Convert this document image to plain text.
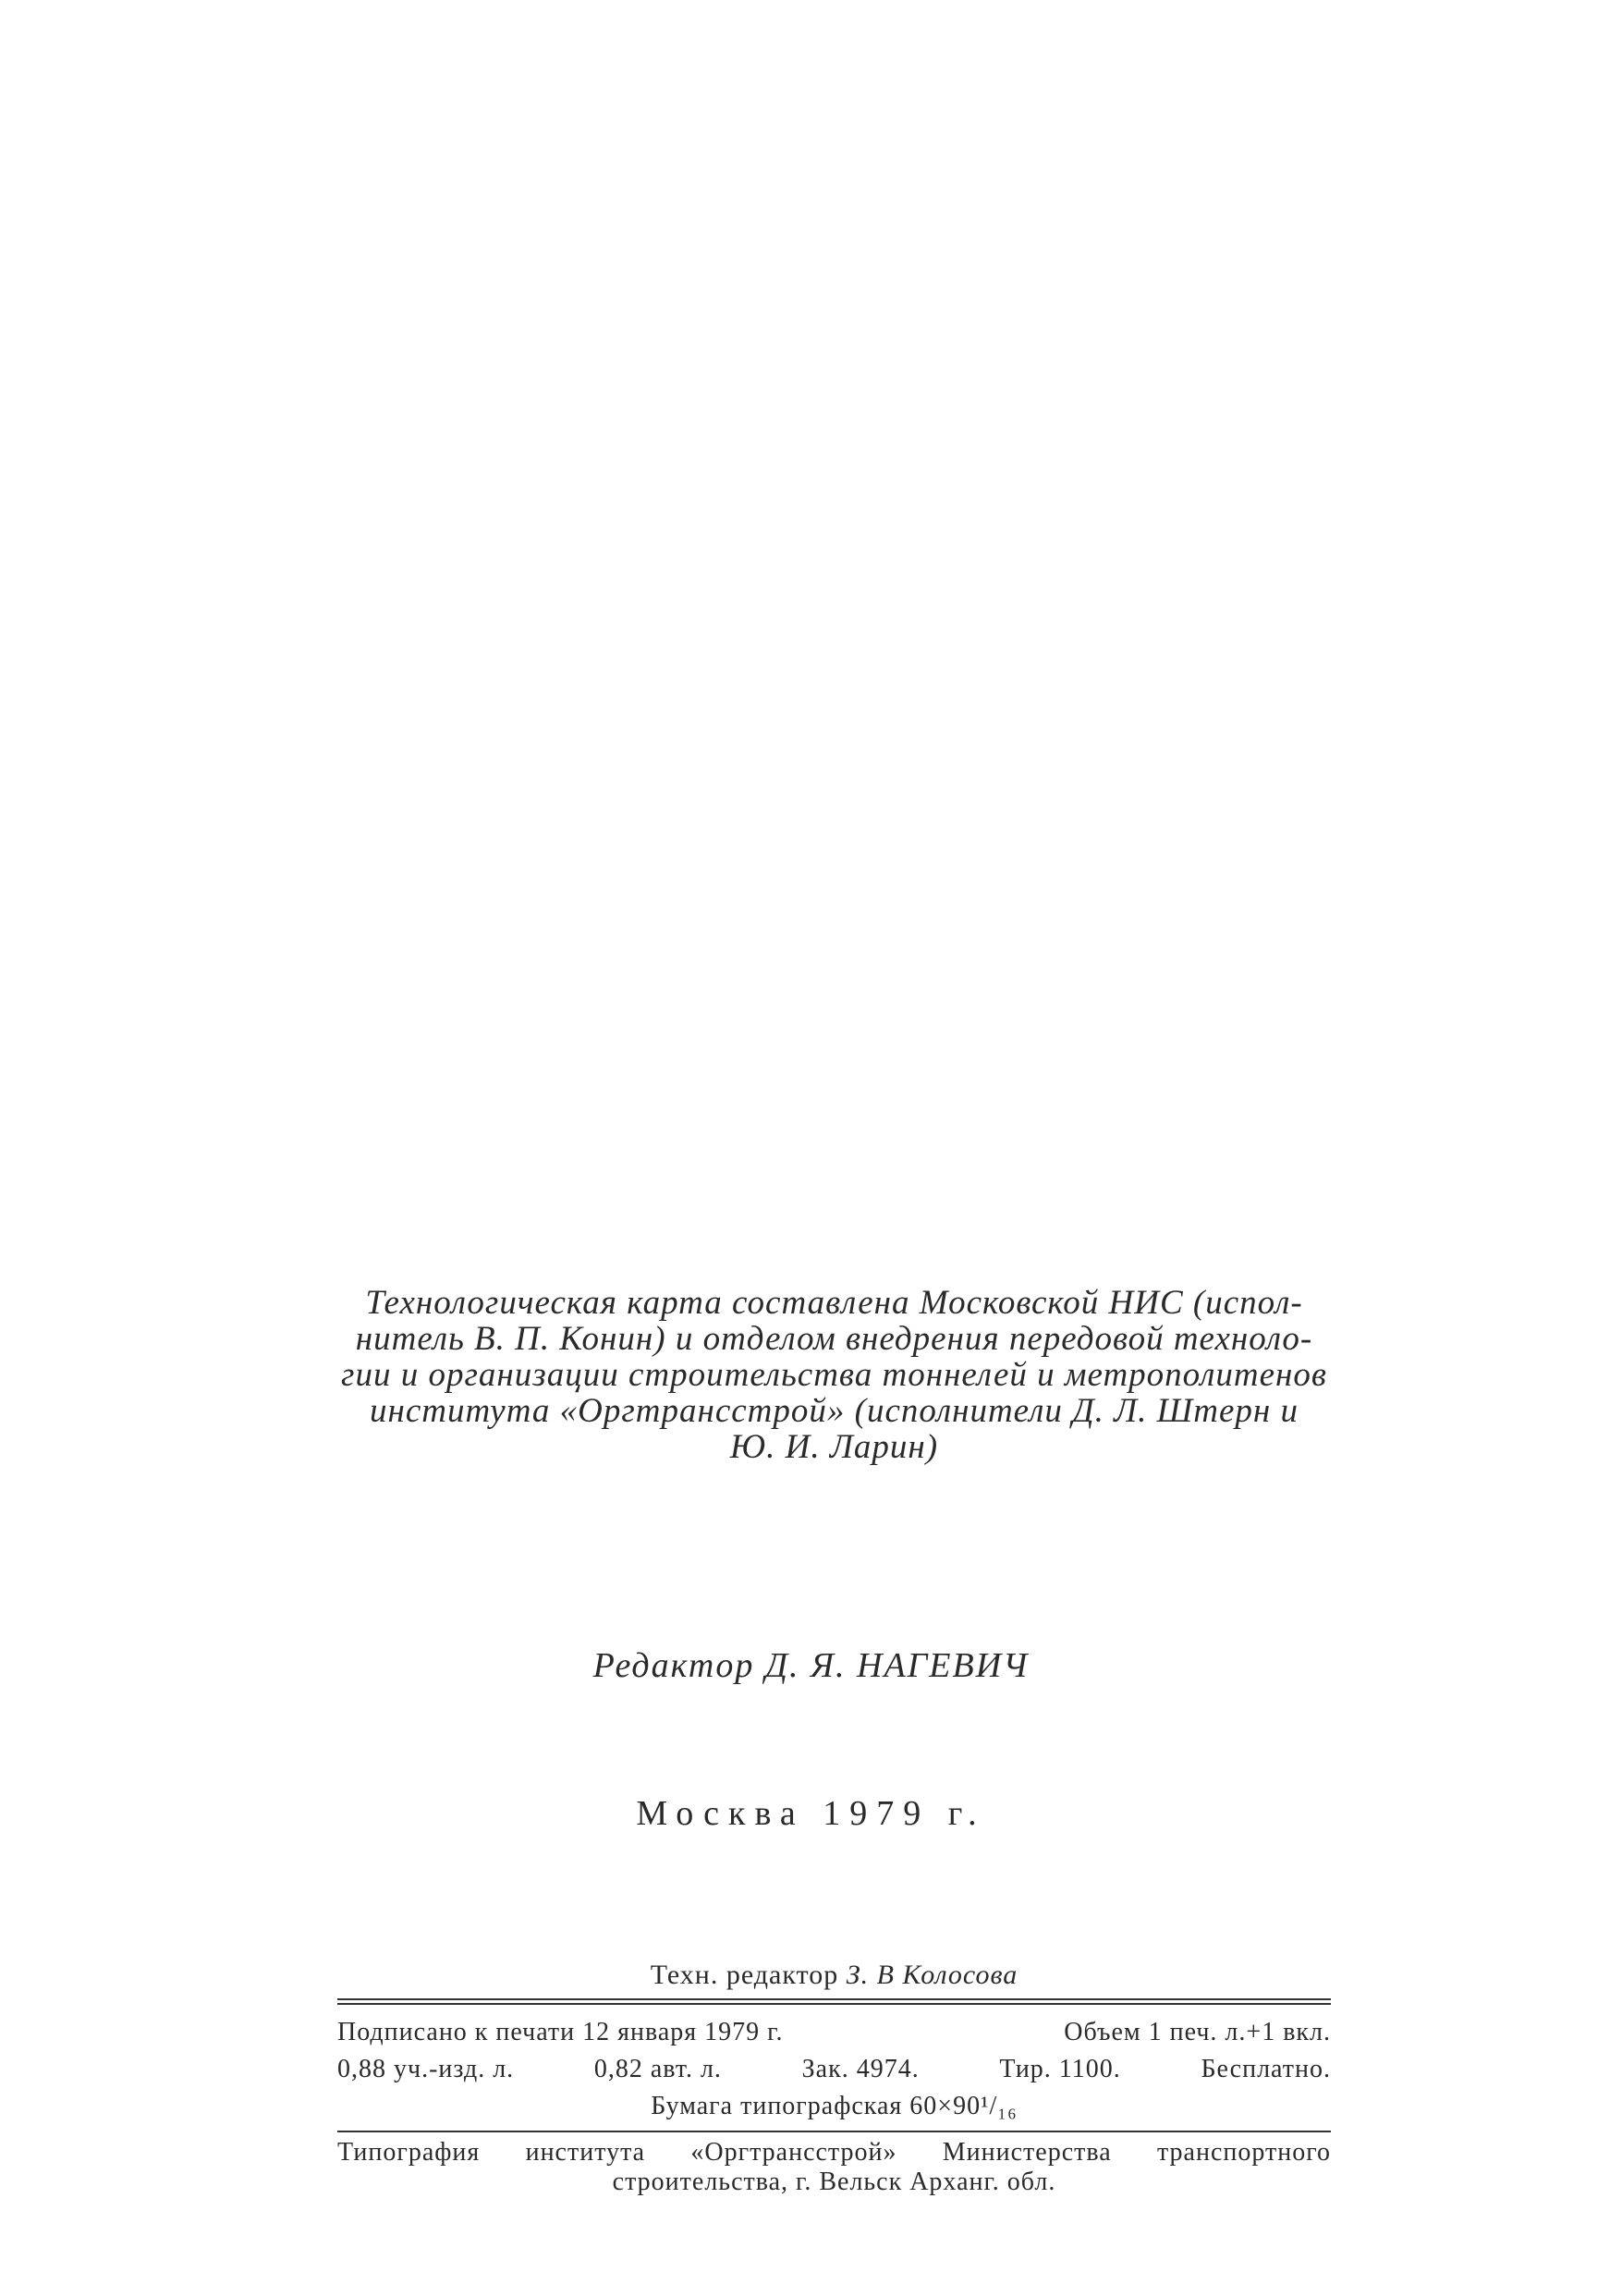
Технологическая карта составлена Московской НИС (испол-
нитель В. П. Конин) и отделом внедрения передовой техноло-
гии и организации строительства тоннелей и метрополитенов
института «Оргтрансстрой» (исполнители Д. Л. Штерн и
Ю. И. Ларин)
Редактор Д. Я. НАГЕВИЧ
Москва 1979 г.
Техн. редактор З. В Колосова
Подписано к печати 12 января 1979 г.	Объем 1 печ. л.+1 вкл.
0,88 уч.-изд. л.	0,82 авт. л.	Зак. 4974.	Тир. 1100.	Бесплатно.
Бумага типографская 60×90¹/₁₆
Типография института «Оргтрансстрой» Министерства транспортного
строительства, г. Вельск Арханг. обл.
